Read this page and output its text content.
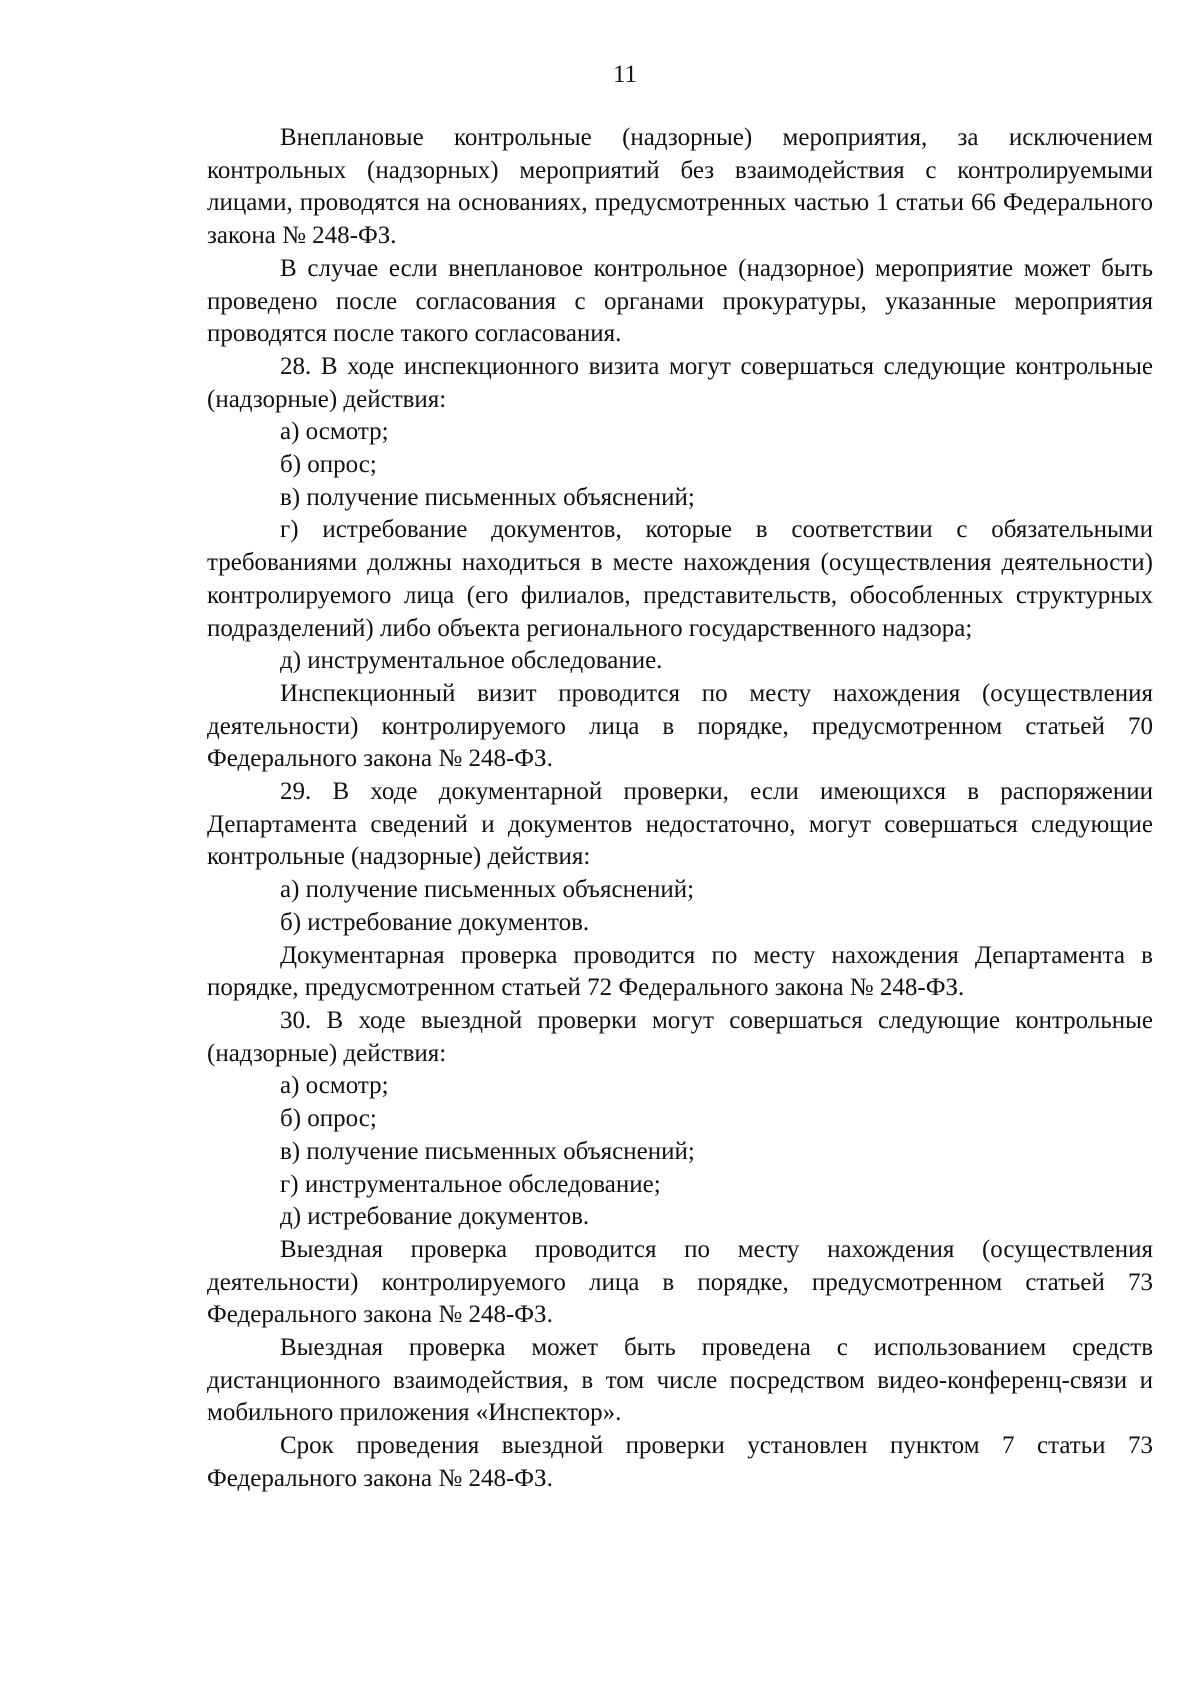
11

Внеплановые контрольные (надзорные) мероприятия, за исключением контрольных (надзорных) мероприятий без взаимодействия с контролируемыми лицами, проводятся на основаниях, предусмотренных частью 1 статьи 66 Федерального закона № 248-ФЗ.

В случае если внеплановое контрольное (надзорное) мероприятие может быть проведено после согласования с органами прокуратуры, указанные мероприятия проводятся после такого согласования.

28. В ходе инспекционного визита могут совершаться следующие контрольные (надзорные) действия:

а) осмотр;

б) опрос;

в) получение письменных объяснений;

г) истребование документов, которые в соответствии с обязательными требованиями должны находиться в месте нахождения (осуществления деятельности) контролируемого лица (его филиалов, представительств, обособленных структурных подразделений) либо объекта регионального государственного надзора;

д) инструментальное обследование.

Инспекционный визит проводится по месту нахождения (осуществления деятельности) контролируемого лица в порядке, предусмотренном статьей 70 Федерального закона № 248-ФЗ.

29. В ходе документарной проверки, если имеющихся в распоряжении Департамента сведений и документов недостаточно, могут совершаться следующие контрольные (надзорные) действия:

а) получение письменных объяснений;

б) истребование документов.

Документарная проверка проводится по месту нахождения Департамента в порядке, предусмотренном статьей 72 Федерального закона № 248-ФЗ.

30. В ходе выездной проверки могут совершаться следующие контрольные (надзорные) действия:

а) осмотр;

б) опрос;

в) получение письменных объяснений;

г) инструментальное обследование;

д) истребование документов.

Выездная проверка проводится по месту нахождения (осуществления деятельности) контролируемого лица в порядке, предусмотренном статьей 73 Федерального закона № 248-ФЗ.

Выездная проверка может быть проведена с использованием средств дистанционного взаимодействия, в том числе посредством видео-конференц-связи и мобильного приложения «Инспектор».

Срок проведения выездной проверки установлен пунктом 7 статьи 73 Федерального закона № 248-ФЗ.
